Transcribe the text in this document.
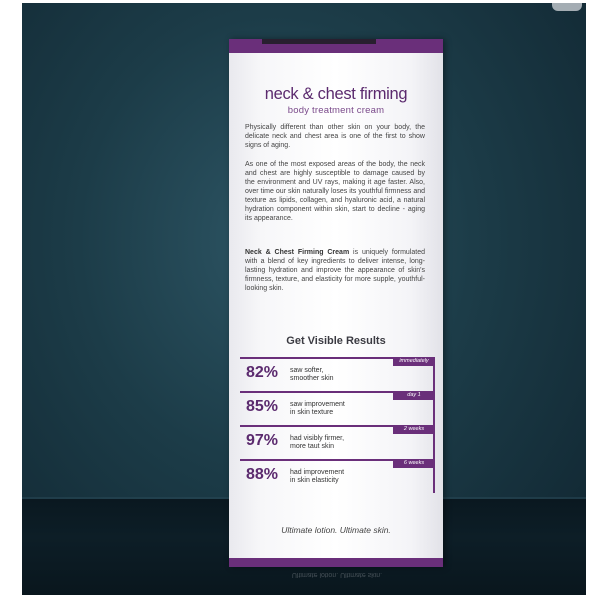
neck & chest firming
body treatment cream
Physically different than other skin on your body, the delicate neck and chest area is one of the first to show signs of aging.
As one of the most exposed areas of the body, the neck and chest are highly susceptible to damage caused by the environment and UV rays, making it age faster. Also, over time our skin naturally loses its youthful firmness and texture as lipids, collagen, and hyaluronic acid, a natural hydration component within skin, start to decline - aging its appearance.
Neck & Chest Firming Cream is uniquely formulated with a blend of key ingredients to deliver intense, long-lasting hydration and improve the appearance of skin's firmness, texture, and elasticity for more supple, youthful-looking skin.
Get Visible Results
immediately
82% saw softer,
smoother skin
day 1
85% saw improvement
in skin texture
2 weeks
97% had visibly firmer,
more taut skin
6 weeks
88% had improvement
in skin elasticity
Ultimate lotion. Ultimate skin.
Ultimate lotion. Ultimate skin.
